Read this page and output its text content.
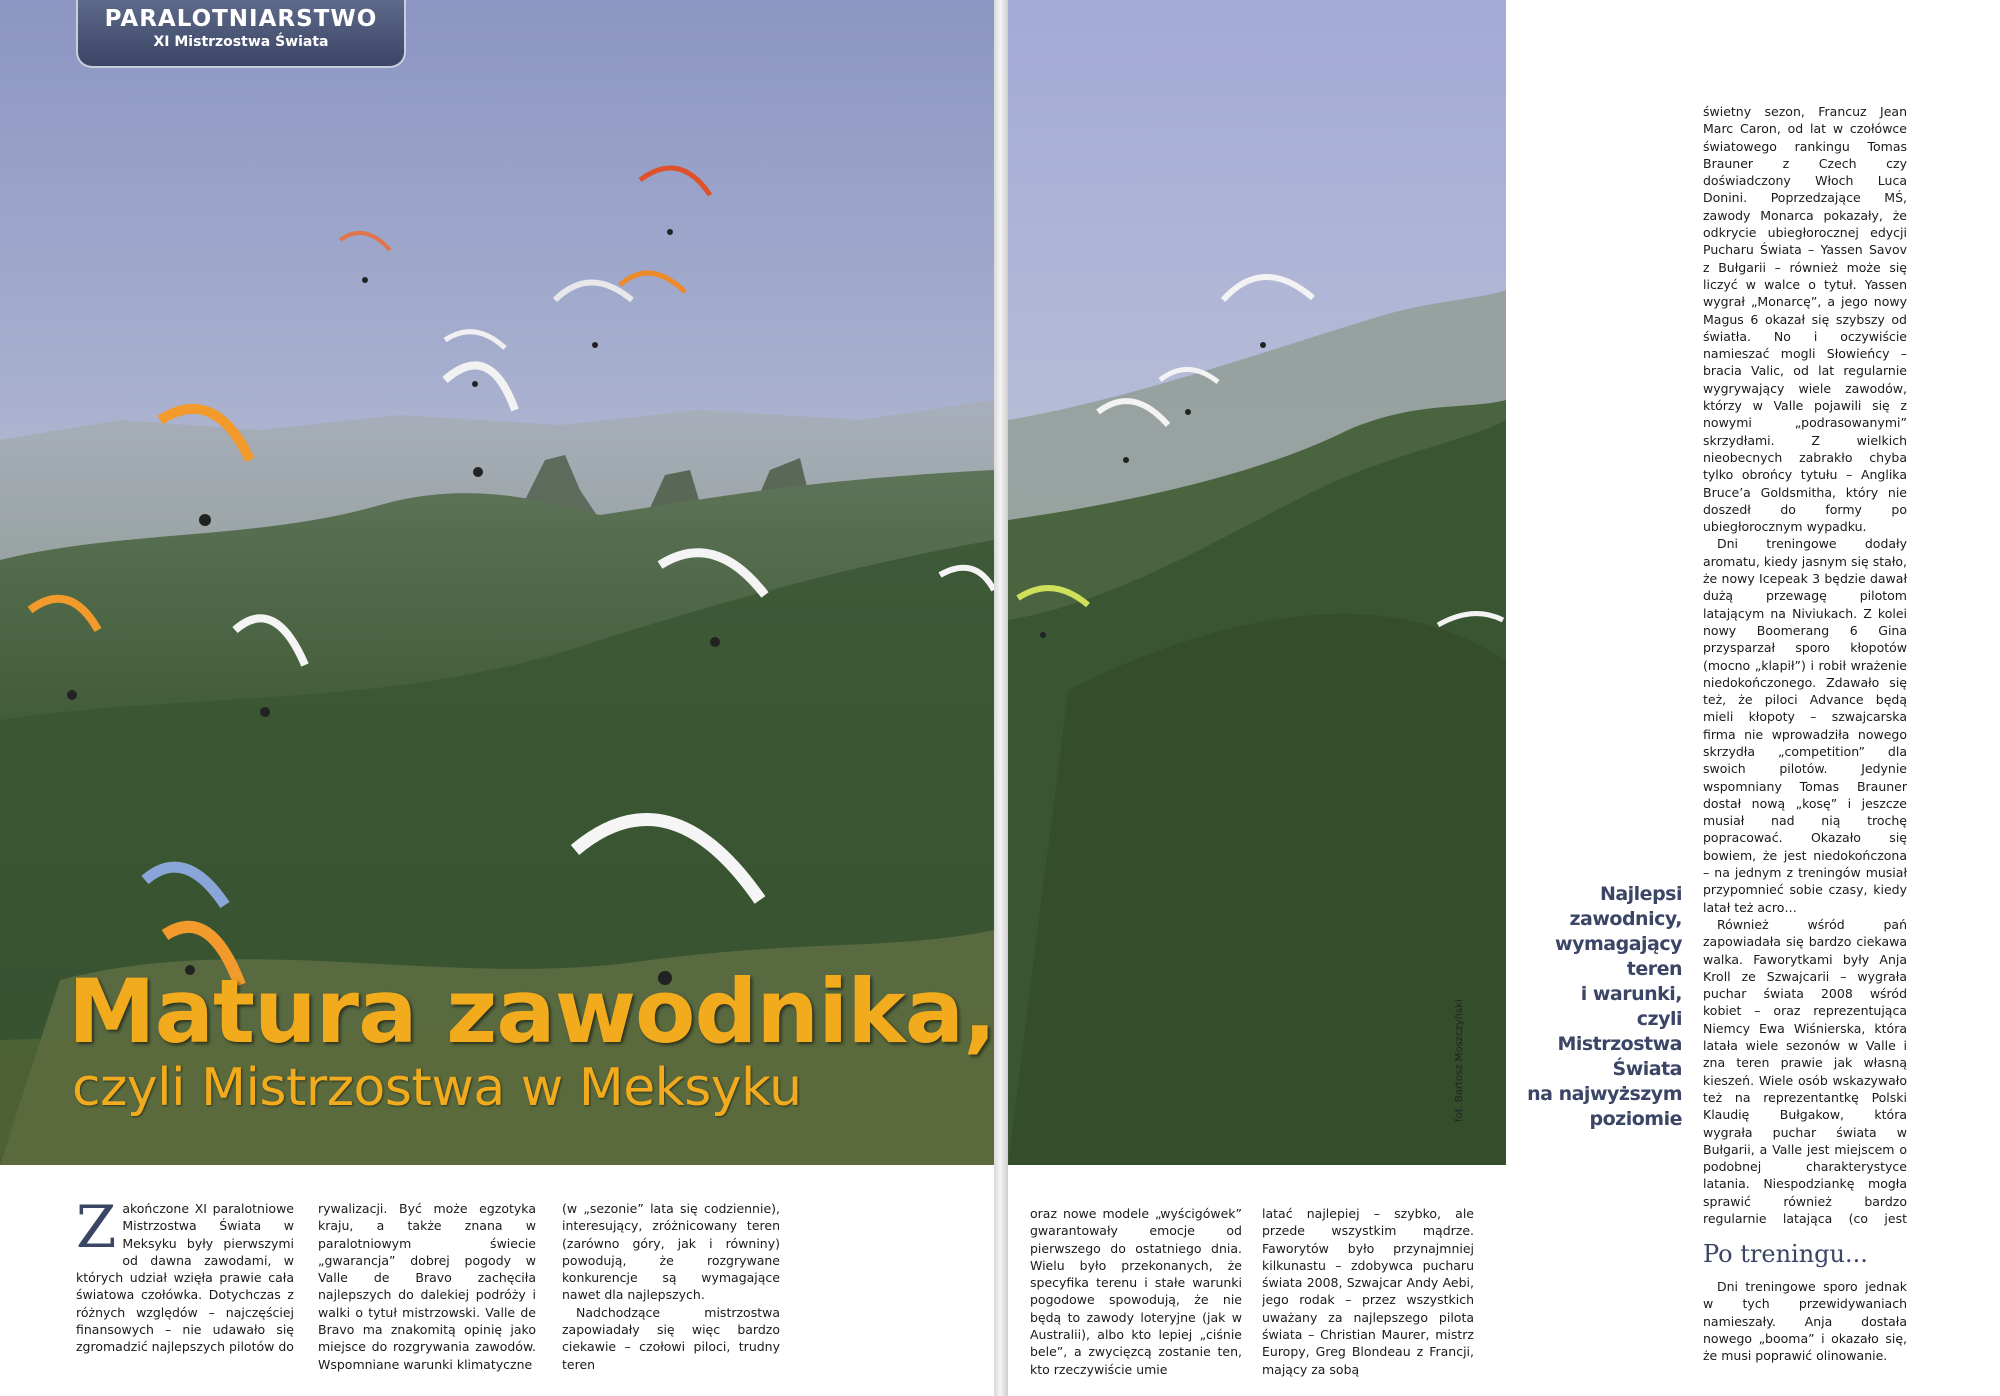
PARALOTNIARSTWO
XI Mistrzostwa Świata
Matura zawodnika,
czyli Mistrzostwa w Meksyku	fot. Bartosz Moszczyński
Najlepsi
zawodnicy,
wymagający teren
i warunki,
czyli Mistrzostwa
Świata
na najwyższym
poziomie
Z akończone XI paralotniowe Mistrzostwa Świata w Meksyku były pierwszymi od dawna zawodami, w których udział wzięła prawie cała światowa czołówka. Dotychczas z różnych względów – najczęściej finansowych – nie udawało się zgromadzić najlepszych pilotów do

rywalizacji. Być może egzotyka kraju, a także znana w paralotniowym świecie „gwarancja” dobrej pogody w Valle de Bravo zachęciła najlepszych do dalekiej podróży i walki o tytuł mistrzowski. Valle de Bravo ma znakomitą opinię jako miejsce do rozgrywania zawodów. Wspomniane warunki klimatyczne

(w „sezonie” lata się codziennie), interesujący, zróżnicowany teren (zarówno góry, jak i równiny) powodują, że rozgrywane konkurencje są wymagające nawet dla najlepszych.

Nadchodzące mistrzostwa zapowiadały się więc bardzo ciekawie – czołowi piloci, trudny teren

oraz nowe modele „wyścigówek” gwarantowały emocje od pierwszego do ostatniego dnia. Wielu było przekonanych, że specyfika terenu i stałe warunki pogodowe spowodują, że nie będą to zawody loteryjne (jak w Australii), albo kto lepiej „ciśnie bele”, a zwycięzcą zostanie ten, kto rzeczywiście umie

latać najlepiej – szybko, ale przede wszystkim mądrze. Faworytów było przynajmniej kilkunastu – zdobywca pucharu świata 2008, Szwajcar Andy Aebi, jego rodak – przez wszystkich uważany za najlepszego pilota świata – Christian Maurer, mistrz Europy, Greg Blondeau z Francji, mający za sobą

świetny sezon, Francuz Jean Marc Caron, od lat w czołówce światowego rankingu Tomas Brauner z Czech czy doświadczony Włoch Luca Donini. Poprzedzające MŚ, zawody Monarca pokazały, że odkrycie ubiegłorocznej edycji Pucharu Świata – Yassen Savov z Bułgarii – również może się liczyć w walce o tytuł. Yassen wygrał „Monarcę”, a jego nowy Magus 6 okazał się szybszy od światła. No i oczywiście namieszać mogli Słowieńcy – bracia Valic, od lat regularnie wygrywający wiele zawodów, którzy w Valle pojawili się z nowymi „podrasowanymi” skrzydłami. Z wielkich nieobecnych zabrakło chyba tylko obrońcy tytułu – Anglika Bruce’a Goldsmitha, który nie doszedł do formy po ubiegłorocznym wypadku.

Dni treningowe dodały aromatu, kiedy jasnym się stało, że nowy Icepeak 3 będzie dawał dużą przewagę pilotom latającym na Niviukach. Z kolei nowy Boomerang 6 Gina przysparzał sporo kłopotów (mocno „klapił”) i robił wrażenie niedokończonego. Zdawało się też, że piloci Advance będą mieli kłopoty – szwajcarska firma nie wprowadziła nowego skrzydła „competition” dla swoich pilotów. Jedynie wspomniany Tomas Brauner dostał nową „kosę” i jeszcze musiał nad nią trochę popracować. Okazało się bowiem, że jest niedokończona – na jednym z treningów musiał przypomnieć sobie czasy, kiedy latał też acro…

Również wśród pań zapowiadała się bardzo ciekawa walka. Faworytkami były Anja Kroll ze Szwajcarii – wygrała puchar świata 2008 wśród kobiet – oraz reprezentująca Niemcy Ewa Wiśnierska, która latała wiele sezonów w Valle i zna teren prawie jak własną kieszeń. Wiele osób wskazywało też na reprezentantkę Polski Klaudię Bułgakow, która wygrała puchar świata w Bułgarii, a Valle jest miejscem o podobnej charakterystyce latania. Niespodziankę mogła sprawić również bardzo regularnie latająca (co jest

Po treningu...

Dni treningowe sporo jednak w tych przewidywaniach namieszały. Anja dostała nowego „booma” i okazało się, że musi poprawić olinowanie.
